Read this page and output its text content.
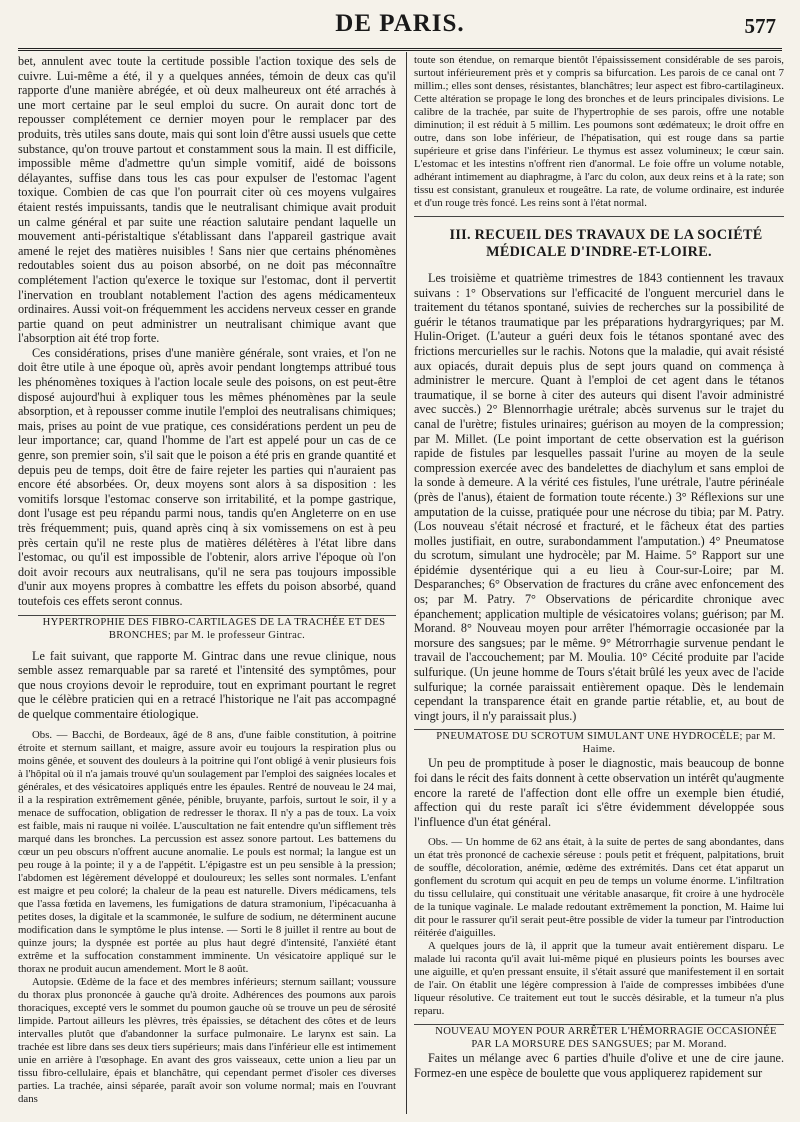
DE PARIS.	577

bet, annulent avec toute la certitude possible l'action toxique des sels de cuivre. Lui-même a été, il y a quelques années, témoin de deux cas qu'il rapporte d'une manière abrégée, et où deux malheureux ont été arrachés à une mort certaine par le seul emploi du sucre. On aurait donc tort de repousser complétement ce dernier moyen pour le remplacer par des produits, très utiles sans doute, mais qui sont loin d'être aussi usuels que cette substance, qu'on trouve partout et constamment sous la main. Il est difficile, impossible même d'admettre qu'un simple vomitif, aidé de boissons délayantes, suffise dans tous les cas pour expulser de l'estomac l'agent toxique. Combien de cas que l'on pourrait citer où ces moyens vulgaires étaient restés impuissants, tandis que le neutralisant chimique avait produit un calme général et par suite une réaction salutaire pendant laquelle un mouvement anti-péristaltique s'établissant dans l'appareil gastrique avait amené le rejet des matières nuisibles ! Sans nier que certains phénomènes redoutables soient dus au poison absorbé, on ne doit pas méconnaître complétement l'action qu'exerce le toxique sur l'estomac, dont il pervertit l'inervation en troublant notablement l'action des agens médicamenteux ordinaires. Aussi voit-on fréquemment les accidens nerveux cesser en grande partie quand on peut administrer un neutralisant chimique avant que l'absorption ait été trop forte.

Ces considérations, prises d'une manière générale, sont vraies, et l'on ne doit être utile à une époque où, après avoir pendant longtemps attribué tous les phénomènes toxiques à l'action locale seule des poisons, on est peut-être disposé aujourd'hui à expliquer tous les mêmes phénomènes par la seule absorption, et à repousser comme inutile l'emploi des neutralisans chimiques; mais, prises au point de vue pratique, ces considérations perdent un peu de leur importance; car, quand l'homme de l'art est appelé pour un cas de ce genre, son premier soin, s'il sait que le poison a été pris en grande quantité et depuis peu de temps, doit être de faire rejeter les parties qui n'auraient pas encore été absorbées. Or, deux moyens sont alors à sa disposition : les vomitifs lorsque l'estomac conserve son irritabilité, et la pompe gastrique, dont l'usage est peu répandu parmi nous, tandis qu'en Angleterre on en use très fréquemment; puis, quand après cinq à six vomissemens on est à peu près certain qu'il ne reste plus de matières délétères à l'état libre dans l'estomac, ou qu'il est impossible de l'obtenir, alors arrive l'époque où l'on doit avoir recours aux neutralisans, qu'il ne sera pas toujours impossible d'unir aux moyens propres à combattre les effets du poison absorbé, quand toutefois ces effets seront connus.

HYPERTROPHIE DES FIBRO-CARTILAGES DE LA TRACHÉE ET DES BRONCHES; par M. le professeur Gintrac.

Le fait suivant, que rapporte M. Gintrac dans une revue clinique, nous semble assez remarquable par sa rareté et l'intensité des symptômes, pour que nous croyions devoir le reproduire, tout en exprimant pourtant le regret que le célèbre praticien qui en a retracé l'historique ne l'ait pas accompagné de quelque commentaire étiologique.

Obs. — Bacchi, de Bordeaux, âgé de 8 ans, d'une faible constitution, à poitrine étroite et sternum saillant, et maigre, assure avoir eu toujours la respiration plus ou moins gênée, et souvent des douleurs à la poitrine qui l'ont obligé à venir plusieurs fois à l'hôpital où il n'a jamais trouvé qu'un soulagement par l'emploi des saignées locales et générales, et des vésicatoires appliqués entre les épaules. Rentré de nouveau le 24 mai, il a la respiration extrêmement gênée, pénible, bruyante, parfois, surtout le soir, il y a menace de suffocation, obligation de redresser le thorax. Il n'y a pas de toux. La voix est faible, mais ni rauque ni voilée. L'auscultation ne fait entendre qu'un sifflement très marqué dans les bronches. La percussion est assez sonore partout. Les battemens du cœur un peu obscurs n'offrent aucune anomalie. Le pouls est normal; la langue est un peu rouge à la pointe; il y a de l'appétit. L'épigastre est un peu sensible à la pression; l'abdomen est légèrement développé et douloureux; les selles sont normales. L'enfant est maigre et peu coloré; la chaleur de la peau est naturelle. Divers médicamens, tels que l'assa fœtida en lavemens, les fumigations de datura stramonium, l'ipécacuanha à petites doses, la digitale et la scammonée, le sulfure de sodium, ne déterminent aucune modification dans le symptôme le plus intense. — Sorti le 8 juillet il rentre au bout de quinze jours; la dyspnée est portée au plus haut degré d'intensité, l'anxiété étant extrême et la suffocation constamment imminente. Un vésicatoire appliqué sur le thorax ne produit aucun amendement. Mort le 8 août.

Autopsie. Œdème de la face et des membres inférieurs; sternum saillant; voussure du thorax plus prononcée à gauche qu'à droite. Adhérences des poumons aux parois thoraciques, excepté vers le sommet du poumon gauche où se trouve un peu de sérosité limpide. Partout ailleurs les plèvres, très épaissies, se détachent des côtes et de leurs intervalles plutôt que d'abandonner la surface pulmonaire. Le larynx est sain. La trachée est libre dans ses deux tiers supérieurs; mais dans l'inférieur elle est intimement unie en arrière à l'œsophage. En avant des gros vaisseaux, cette union a lieu par un tissu fibro-cellulaire, épais et blanchâtre, qui cependant permet d'isoler ces diverses parties. La trachée, ainsi séparée, paraît avoir son volume normal; mais en l'ouvrant dans

toute son étendue, on remarque bientôt l'épaississement considérable de ses parois, surtout inférieurement près et y compris sa bifurcation. Les parois de ce canal ont 7 millim.; elles sont denses, résistantes, blanchâtres; leur aspect est fibro-cartilagineux. Cette altération se propage le long des bronches et de leurs principales divisions. Le calibre de la trachée, par suite de l'hypertrophie de ses parois, offre une notable diminution; il est réduit à 5 millim. Les poumons sont œdémateux; le droit offre en outre, dans son lobe inférieur, de l'hépatisation, qui est rouge dans sa partie supérieure et grise dans l'inférieur. Le thymus est assez volumineux; le cœur sain. L'estomac et les intestins n'offrent rien d'anormal. Le foie offre un volume notable, adhérant intimement au diaphragme, à l'arc du colon, aux deux reins et à la rate; son tissu est consistant, granuleux et rougeâtre. La rate, de volume ordinaire, est indurée et d'un rouge très foncé. Les reins sont à l'état normal.

III. RECUEIL DES TRAVAUX DE LA SOCIÉTÉ MÉDICALE D'INDRE-ET-LOIRE.

Les troisième et quatrième trimestres de 1843 contiennent les travaux suivans : 1° Observations sur l'efficacité de l'onguent mercuriel dans le traitement du tétanos spontané, suivies de recherches sur la possibilité de guérir le tétanos traumatique par les préparations hydrargyriques; par M. Hulin-Origet. (L'auteur a guéri deux fois le tétanos spontané avec des frictions mercurielles sur le rachis. Notons que la maladie, qui avait résisté aux opiacés, durait depuis plus de sept jours quand on commença à administrer le mercure. Quant à l'emploi de cet agent dans le tétanos traumatique, il se borne à citer des auteurs qui disent l'avoir administré avec succès.) 2° Blennorrhagie urétrale; abcès survenus sur le trajet du canal de l'urètre; fistules urinaires; guérison au moyen de la compression; par M. Millet. (Le point important de cette observation est la guérison rapide de fistules par lesquelles passait l'urine au moyen de la seule compression exercée avec des bandelettes de diachylum et sans emploi de la sonde à demeure. A la vérité ces fistules, l'une urétrale, l'autre périnéale (près de l'anus), étaient de formation toute récente.) 3° Réflexions sur une amputation de la cuisse, pratiquée pour une nécrose du tibia; par M. Patry. (Los nouveau s'était nécrosé et fracturé, et le fâcheux état des parties molles justifiait, en outre, surabondamment l'amputation.) 4° Pneumatose du scrotum, simulant une hydrocèle; par M. Haime. 5° Rapport sur une épidémie dysentérique qui a eu lieu à Cour-sur-Loire; par M. Desparanches; 6° Observation de fractures du crâne avec enfoncement des os; par M. Patry. 7° Observations de péricardite chronique avec épanchement; application multiple de vésicatoires volans; guérison; par M. Morand. 8° Nouveau moyen pour arrêter l'hémorragie occasionée par la morsure des sangsues; par le même. 9° Métrorrhagie survenue pendant le travail de l'accouchement; par M. Moulia. 10° Cécité produite par l'acide sulfurique. (Un jeune homme de Tours s'était brûlé les yeux avec de l'acide sulfurique; la cornée paraissait entièrement opaque. Dès le lendemain cependant la transparence était en grande partie rétablie, et, au bout de vingt jours, il n'y paraissait plus.)

PNEUMATOSE DU SCROTUM SIMULANT UNE HYDROCÈLE; par M. Haime.

Un peu de promptitude à poser le diagnostic, mais beaucoup de bonne foi dans le récit des faits donnent à cette observation un intérêt qu'augmente encore la rareté de l'affection dont elle offre un exemple bien étudié, affection qui du reste paraît ici s'être évidemment développée sous l'influence d'un état général.

Obs. — Un homme de 62 ans était, à la suite de pertes de sang abondantes, dans un état très prononcé de cachexie séreuse : pouls petit et fréquent, palpitations, bruit de souffle, décoloration, anémie, œdème des extrémités. Dans cet état apparut un gonflement du scrotum qui acquit en peu de temps un volume énorme. L'infiltration du tissu cellulaire, qui constituait une véritable anasarque, fit croire à une hydrocèle de la tunique vaginale. Le malade redoutant extrêmement la ponction, M. Haime lui dit pour le rassurer qu'il serait peut-être possible de vider la tumeur par l'introduction réitérée d'aiguilles.

A quelques jours de là, il apprit que la tumeur avait entièrement disparu. Le malade lui raconta qu'il avait lui-même piqué en plusieurs points les bourses avec une aiguille, et qu'en pressant ensuite, il s'était assuré que manifestement il en sortait de l'air. On établit une légère compression à l'aide de compresses imbibées d'une liqueur résolutive. Ce traitement eut tout le succès désirable, et la tumeur n'a plus reparu.

NOUVEAU MOYEN POUR ARRÊTER L'HÉMORRAGIE OCCASIONÉE PAR LA MORSURE DES SANGSUES; par M. Morand.

Faites un mélange avec 6 parties d'huile d'olive et une de cire jaune. Formez-en une espèce de boulette que vous appliquerez rapidement sur
